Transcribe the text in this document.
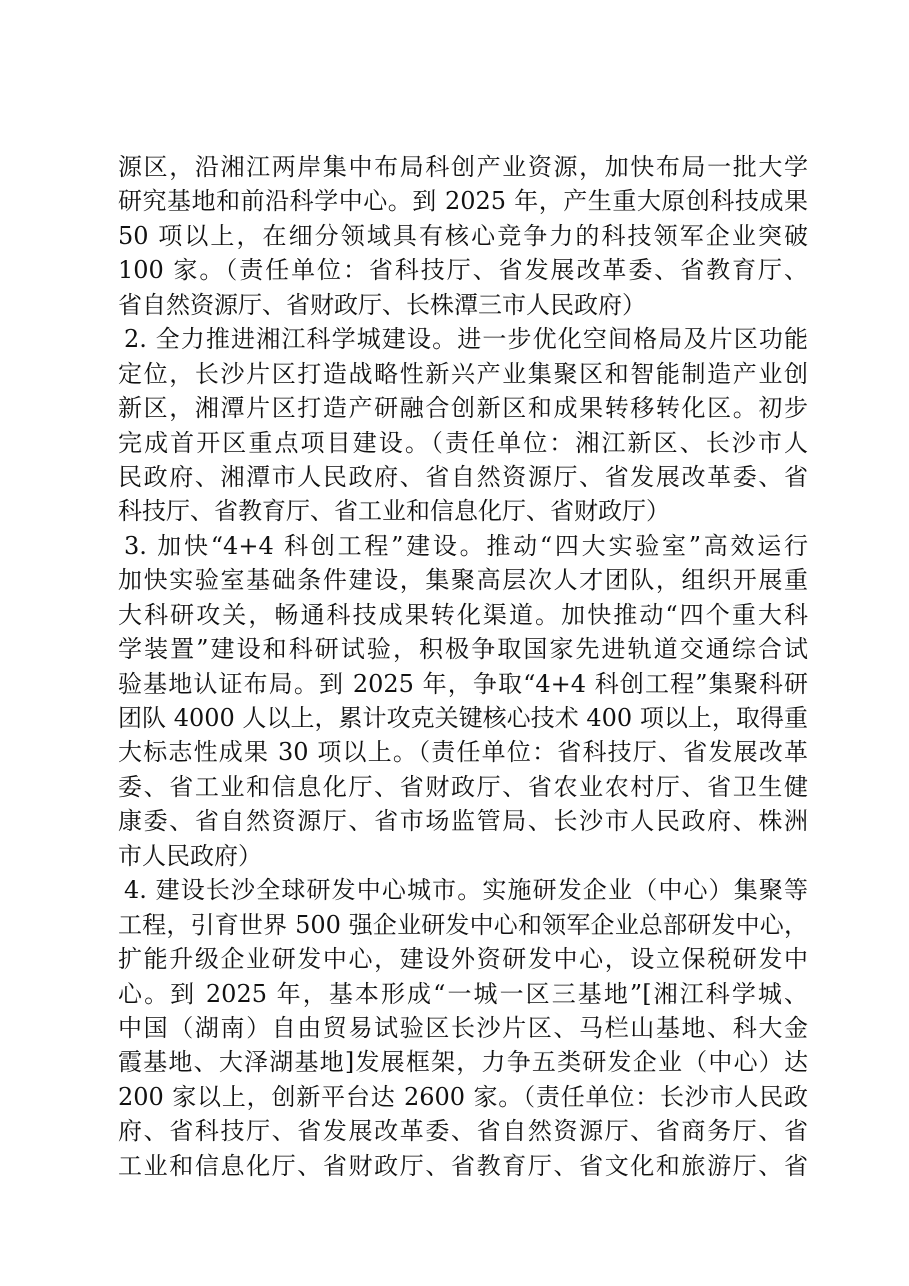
源区，沿湘江两岸集中布局科创产业资源，加快布局一批大学
研究基地和前沿科学中心。到 2025 年，产生重大原创科技成果
50 项以上，在细分领域具有核心竞争力的科技领军企业突破
100 家。（责任单位：省科技厅、省发展改革委、省教育厅、
省自然资源厅、省财政厅、长株潭三市人民政府）
2. 全力推进湘江科学城建设。进一步优化空间格局及片区功能
定位，长沙片区打造战略性新兴产业集聚区和智能制造产业创
新区，湘潭片区打造产研融合创新区和成果转移转化区。初步
完成首开区重点项目建设。（责任单位：湘江新区、长沙市人
民政府、湘潭市人民政府、省自然资源厅、省发展改革委、省
科技厅、省教育厅、省工业和信息化厅、省财政厅）
3. 加快“4+4 科创工程”建设。推动“四大实验室”高效运行
加快实验室基础条件建设，集聚高层次人才团队，组织开展重
大科研攻关，畅通科技成果转化渠道。加快推动“四个重大科
学装置”建设和科研试验，积极争取国家先进轨道交通综合试
验基地认证布局。到 2025 年，争取“4+4 科创工程”集聚科研
团队 4000 人以上，累计攻克关键核心技术 400 项以上，取得重
大标志性成果 30 项以上。（责任单位：省科技厅、省发展改革
委、省工业和信息化厅、省财政厅、省农业农村厅、省卫生健
康委、省自然资源厅、省市场监管局、长沙市人民政府、株洲
市人民政府）
4. 建设长沙全球研发中心城市。实施研发企业（中心）集聚等
工程，引育世界 500 强企业研发中心和领军企业总部研发中心，
扩能升级企业研发中心，建设外资研发中心，设立保税研发中
心。到 2025 年，基本形成“一城一区三基地”[湘江科学城、
中国（湖南）自由贸易试验区长沙片区、马栏山基地、科大金
霞基地、大泽湖基地]发展框架，力争五类研发企业（中心）达
200 家以上，创新平台达 2600 家。（责任单位：长沙市人民政
府、省科技厅、省发展改革委、省自然资源厅、省商务厅、省
工业和信息化厅、省财政厅、省教育厅、省文化和旅游厅、省
